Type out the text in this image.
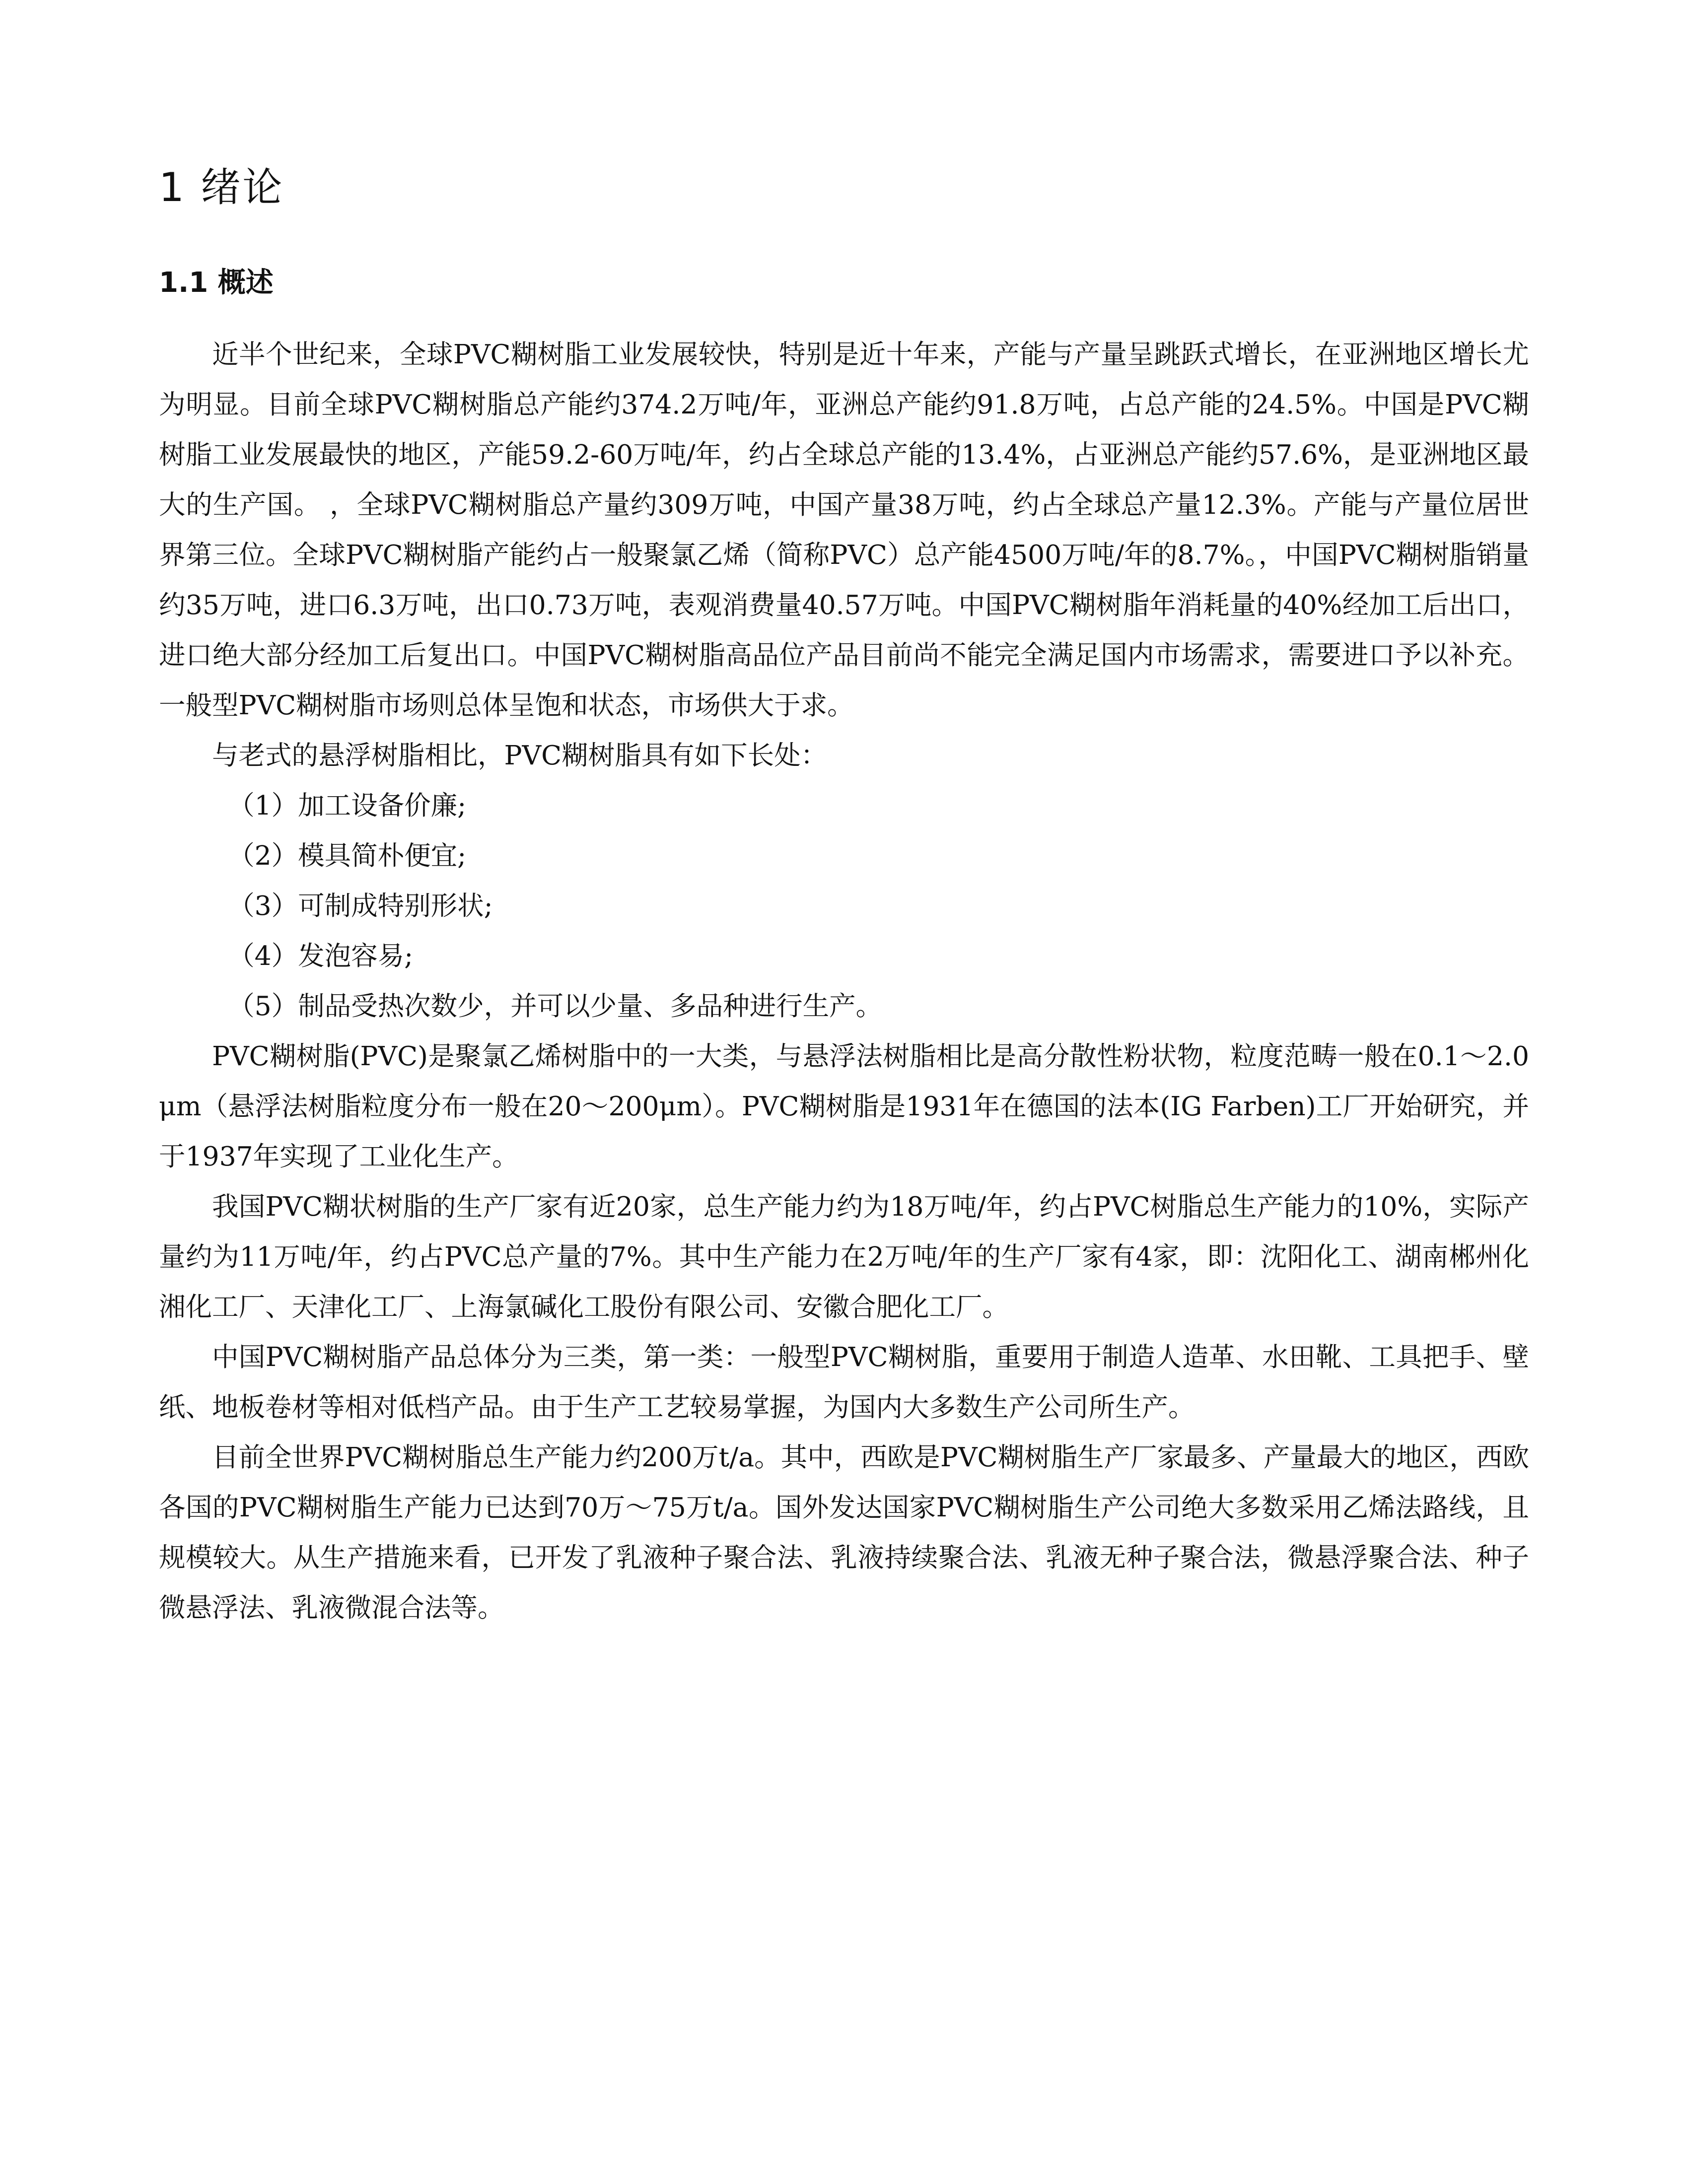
1 绪论
1.1 概述

近半个世纪来，全球PVC糊树脂工业发展较快，特别是近十年来，产能与产量呈跳跃式增长，在亚洲地区增长尤为明显。目前全球PVC糊树脂总产能约374.2万吨/年，亚洲总产能约91.8万吨，占总产能的24.5%。中国是PVC糊树脂工业发展最快的地区，产能59.2-60万吨/年，约占全球总产能的13.4%，占亚洲总产能约57.6%，是亚洲地区最大的生产国。 ，全球PVC糊树脂总产量约309万吨，中国产量38万吨，约占全球总产量12.3%。产能与产量位居世界第三位。全球PVC糊树脂产能约占一般聚氯乙烯（简称PVC）总产能4500万吨/年的8.7%。，中国PVC糊树脂销量约35万吨，进口6.3万吨，出口0.73万吨，表观消费量40.57万吨。中国PVC糊树脂年消耗量的40%经加工后出口，进口绝大部分经加工后复出口。中国PVC糊树脂高品位产品目前尚不能完全满足国内市场需求，需要进口予以补充。一般型PVC糊树脂市场则总体呈饱和状态，市场供大于求。

与老式的悬浮树脂相比，PVC糊树脂具有如下长处：

（1）加工设备价廉;
（2）模具简朴便宜;
（3）可制成特别形状;
（4）发泡容易;
（5）制品受热次数少，并可以少量、多品种进行生产。

PVC糊树脂(PVC)是聚氯乙烯树脂中的一大类，与悬浮法树脂相比是高分散性粉状物，粒度范畴一般在0.1～2.0μm（悬浮法树脂粒度分布一般在20～200μm）。PVC糊树脂是1931年在德国的法本(IG Farben)工厂开始研究，并于1937年实现了工业化生产。

我国PVC糊状树脂的生产厂家有近20家，总生产能力约为18万吨/年，约占PVC树脂总生产能力的10%，实际产量约为11万吨/年，约占PVC总产量的7%。其中生产能力在2万吨/年的生产厂家有4家，即：沈阳化工、湖南郴州化湘化工厂、天津化工厂、上海氯碱化工股份有限公司、安徽合肥化工厂。

中国PVC糊树脂产品总体分为三类，第一类：一般型PVC糊树脂，重要用于制造人造革、水田靴、工具把手、壁纸、地板卷材等相对低档产品。由于生产工艺较易掌握，为国内大多数生产公司所生产。

目前全世界PVC糊树脂总生产能力约200万t/a。其中，西欧是PVC糊树脂生产厂家最多、产量最大的地区，西欧各国的PVC糊树脂生产能力已达到70万～75万t/a。国外发达国家PVC糊树脂生产公司绝大多数采用乙烯法路线，且规模较大。从生产措施来看，已开发了乳液种子聚合法、乳液持续聚合法、乳液无种子聚合法，微悬浮聚合法、种子微悬浮法、乳液微混合法等。
